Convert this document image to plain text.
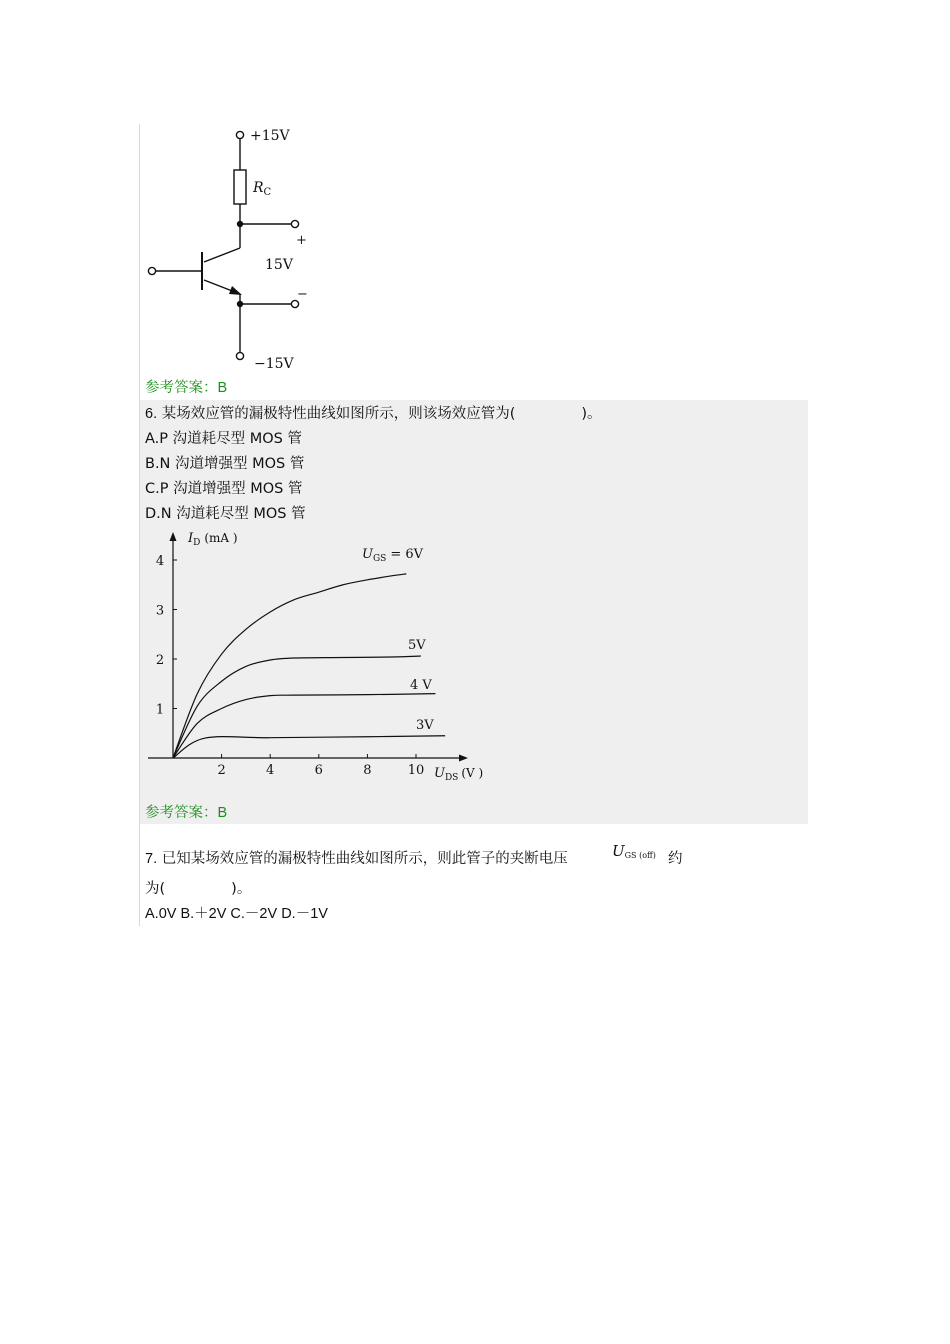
+15V
$R_C$
+
15V
−
−15V
参考答案：B
6. 某场效应管的漏极特性曲线如图所示，则该场效应管为(	)。
A.P 沟道耗尽型 MOS 管
B.N 沟道增强型 MOS 管
C.P 沟道增强型 MOS 管
D.N 沟道耗尽型 MOS 管
$I_D$ (mA )
$U_{DS}$ (V )
2	4	6	8	10
1
2
3
4	$U_{GS} = 6V$
5V
4 V
3V
参考答案：B
7. 已知某场效应管的漏极特性曲线如图所示，则此管子的夹断电压	UGS (off) 约
为(	)。
A.0V B.＋2V C.－2V D.－1V
